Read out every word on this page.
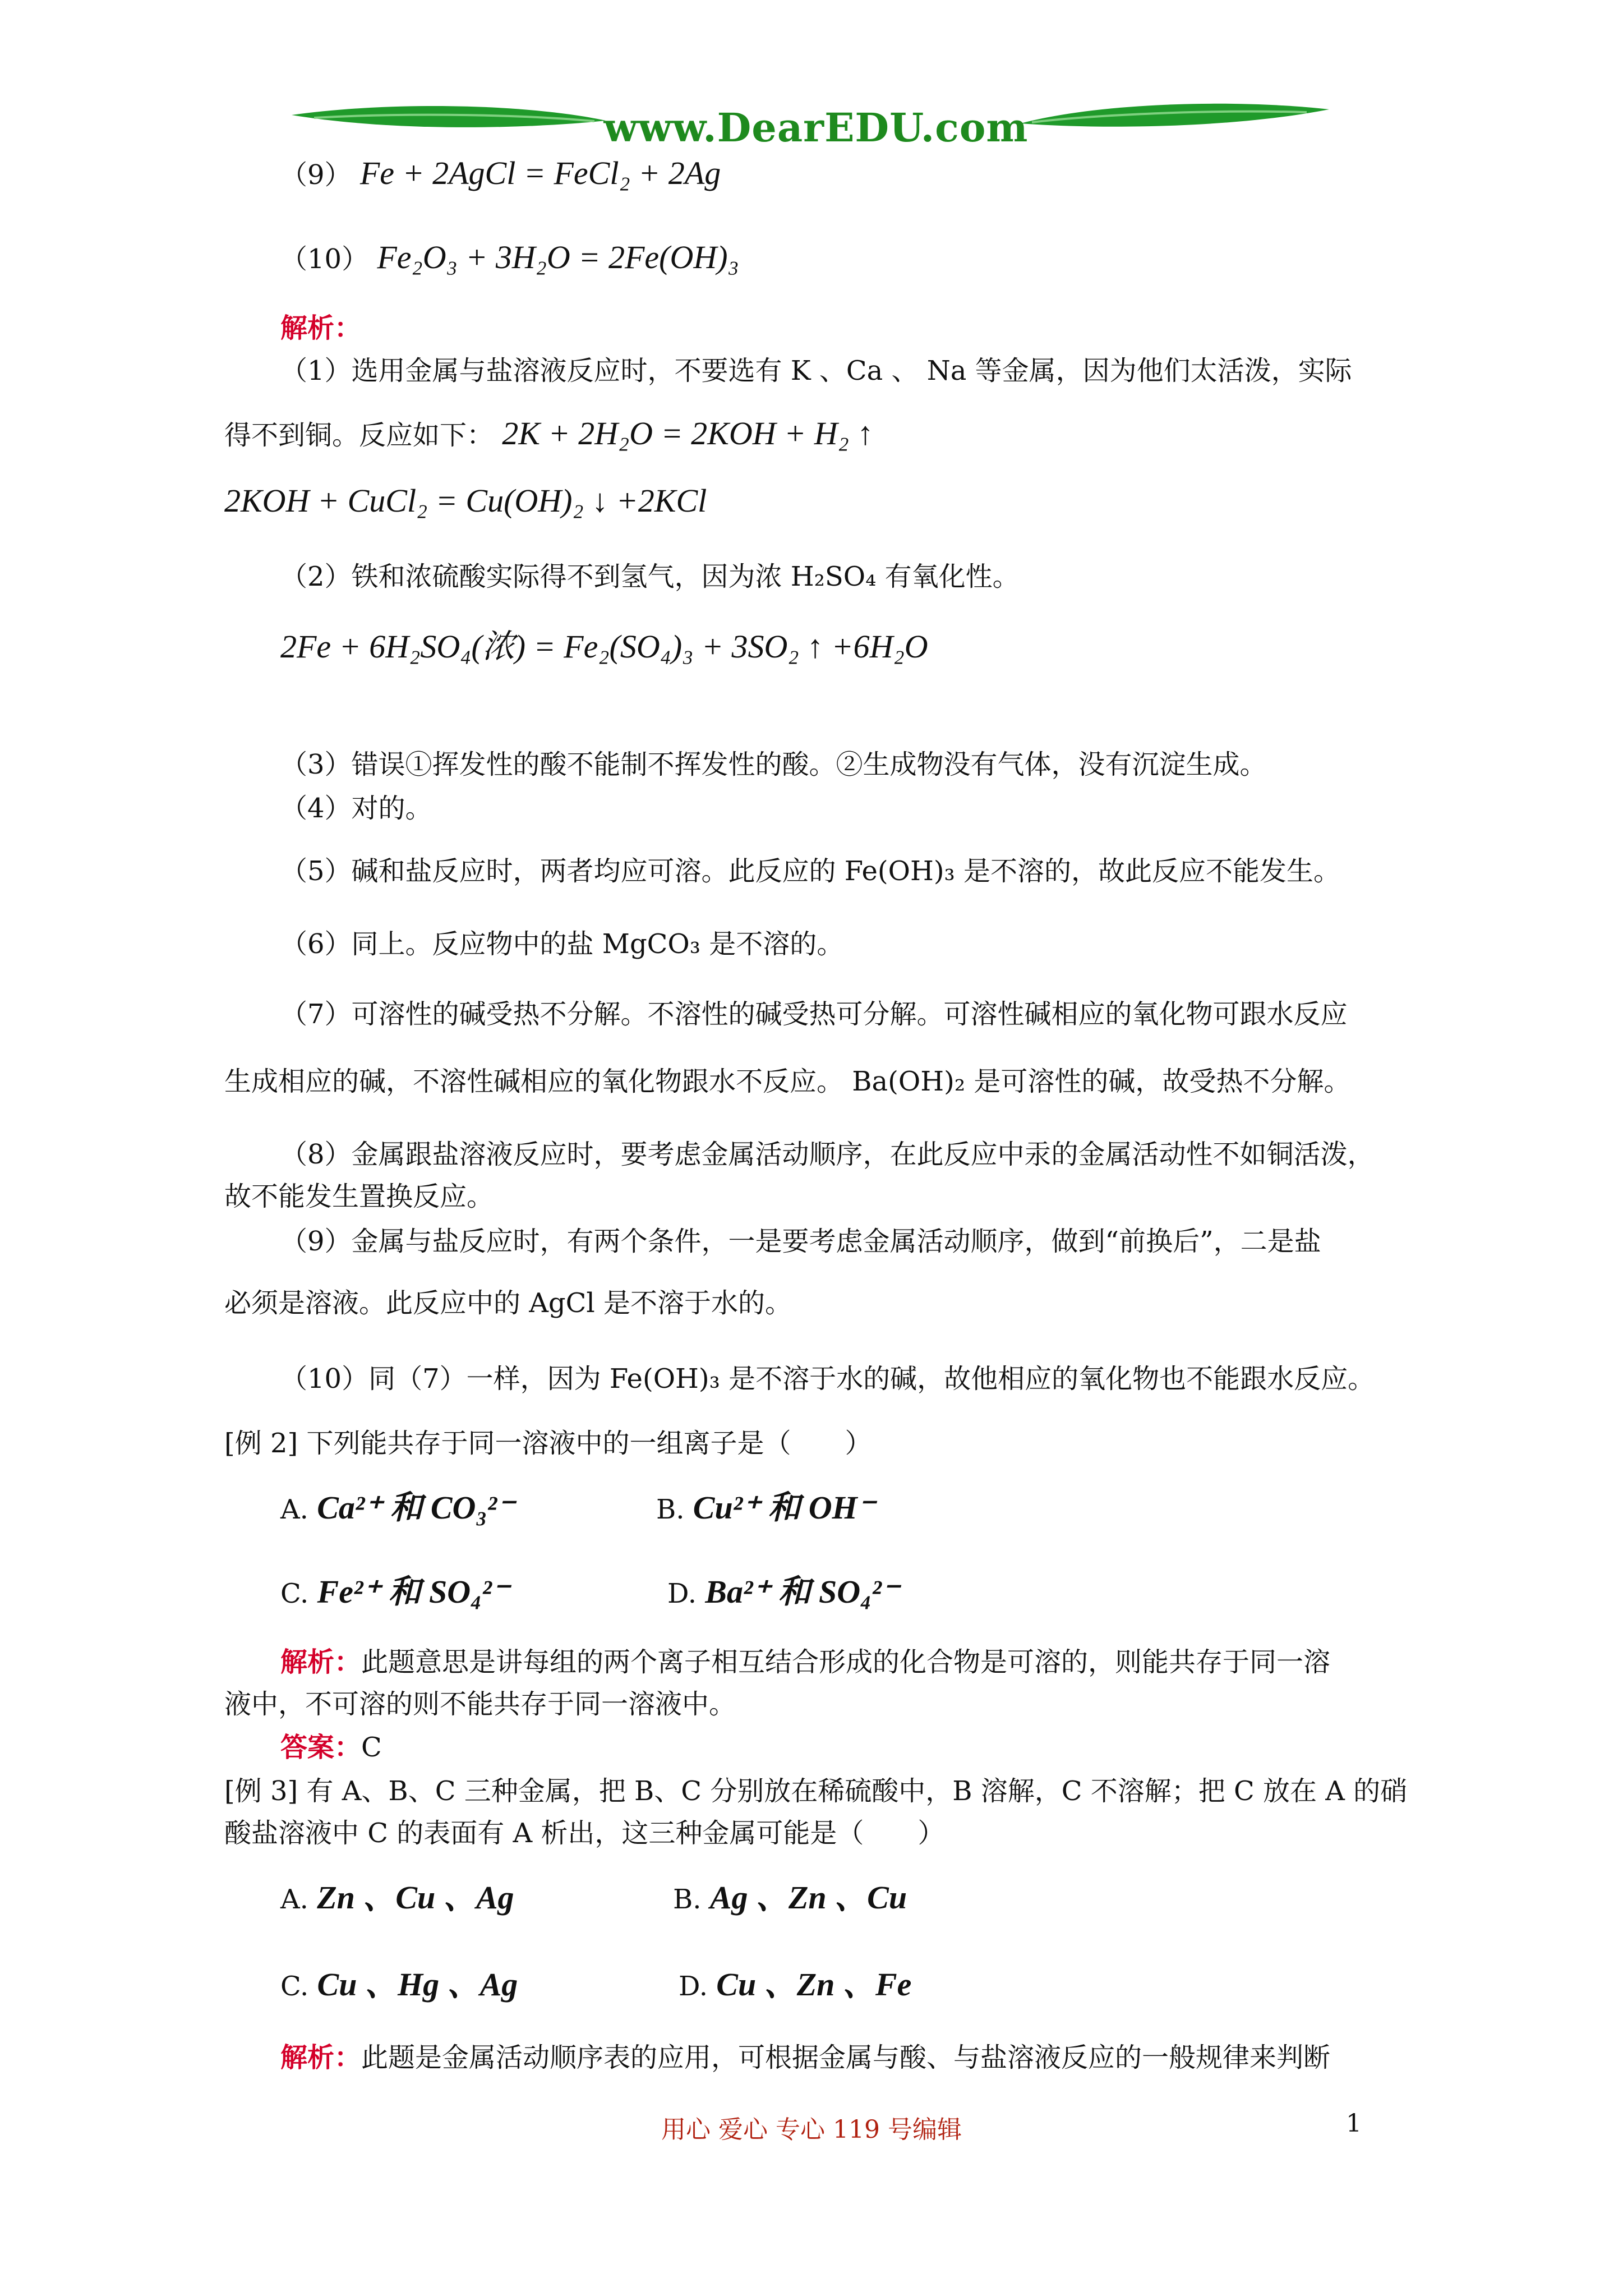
www.DearEDU.com
（9） Fe + 2AgCl = FeCl₂ + 2Ag
（10） Fe₂O₃ + 3H₂O = 2Fe(OH)₃
解析：
（1）选用金属与盐溶液反应时，不要选有 K 、Ca 、 Na 等金属，因为他们太活泼，实际
得不到铜。反应如下： 2K + 2H₂O = 2KOH + H₂ ↑
2KOH + CuCl₂ = Cu(OH)₂ ↓ +2KCl
（2）铁和浓硫酸实际得不到氢气，因为浓 H₂SO₄ 有氧化性。
2Fe + 6H₂SO₄(浓) = Fe₂(SO₄)₃ + 3SO₂ ↑ +6H₂O
（3）错误①挥发性的酸不能制不挥发性的酸。②生成物没有气体，没有沉淀生成。
（4）对的。
（5）碱和盐反应时，两者均应可溶。此反应的 Fe(OH)₃ 是不溶的，故此反应不能发生。
（6）同上。反应物中的盐 MgCO₃ 是不溶的。
（7）可溶性的碱受热不分解。不溶性的碱受热可分解。可溶性碱相应的氧化物可跟水反应
生成相应的碱，不溶性碱相应的氧化物跟水不反应。 Ba(OH)₂ 是可溶性的碱，故受热不分解。
（8）金属跟盐溶液反应时，要考虑金属活动顺序，在此反应中汞的金属活动性不如铜活泼，
故不能发生置换反应。
（9）金属与盐反应时，有两个条件，一是要考虑金属活动顺序，做到“前换后”，二是盐
必须是溶液。此反应中的 AgCl 是不溶于水的。
（10）同（7）一样，因为 Fe(OH)₃ 是不溶于水的碱，故他相应的氧化物也不能跟水反应。
[例 2] 下列能共存于同一溶液中的一组离子是（　　）
A. Ca²⁺ 和 CO₃²⁻	B. Cu²⁺ 和 OH⁻
C. Fe²⁺ 和 SO₄²⁻	D. Ba²⁺ 和 SO₄²⁻
解析：此题意思是讲每组的两个离子相互结合形成的化合物是可溶的，则能共存于同一溶
液中，不可溶的则不能共存于同一溶液中。
答案：C
[例 3] 有 A、B、C 三种金属，把 B、C 分别放在稀硫酸中，B 溶解，C 不溶解；把 C 放在 A 的硝
酸盐溶液中 C 的表面有 A 析出，这三种金属可能是（　　）
A. Zn 、Cu 、Ag	B. Ag 、Zn 、Cu
C. Cu 、Hg 、Ag	D. Cu 、Zn 、Fe
解析：此题是金属活动顺序表的应用，可根据金属与酸、与盐溶液反应的一般规律来判断
用心 爱心 专心 119 号编辑	1
